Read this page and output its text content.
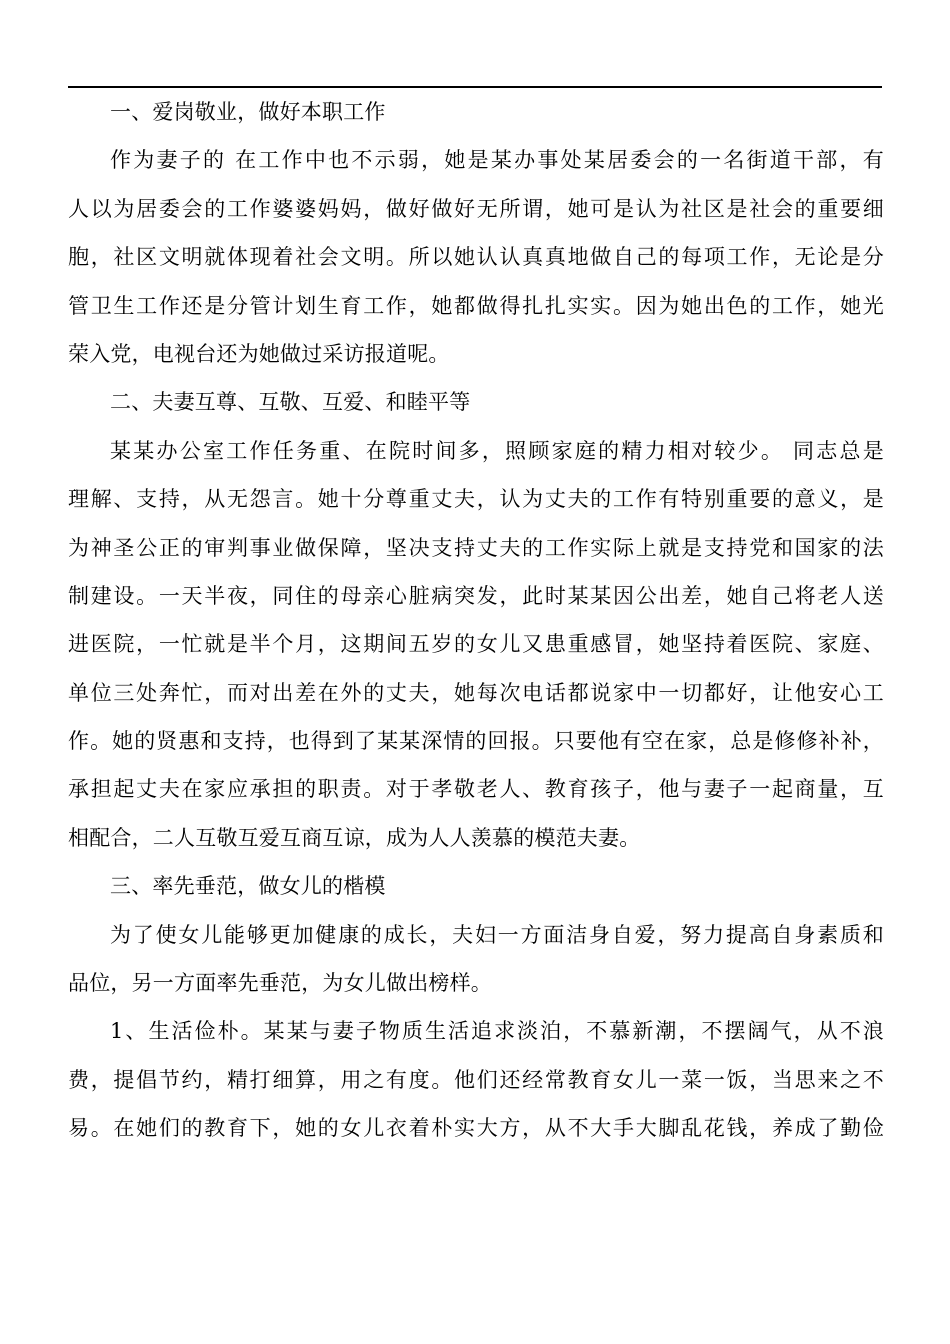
一、爱岗敬业，做好本职工作
作为妻子的 在工作中也不示弱，她是某办事处某居委会的一名街道干部，有
人以为居委会的工作婆婆妈妈，做好做好无所谓，她可是认为社区是社会的重要细
胞，社区文明就体现着社会文明。所以她认认真真地做自己的每项工作，无论是分
管卫生工作还是分管计划生育工作，她都做得扎扎实实。因为她出色的工作，她光
荣入党，电视台还为她做过采访报道呢。
二、夫妻互尊、互敬、互爱、和睦平等
某某办公室工作任务重、在院时间多，照顾家庭的精力相对较少。 同志总是
理解、支持，从无怨言。她十分尊重丈夫，认为丈夫的工作有特别重要的意义，是
为神圣公正的审判事业做保障，坚决支持丈夫的工作实际上就是支持党和国家的法
制建设。一天半夜，同住的母亲心脏病突发，此时某某因公出差，她自己将老人送
进医院，一忙就是半个月，这期间五岁的女儿又患重感冒，她坚持着医院、家庭、
单位三处奔忙，而对出差在外的丈夫，她每次电话都说家中一切都好，让他安心工
作。她的贤惠和支持，也得到了某某深情的回报。只要他有空在家，总是修修补补，
承担起丈夫在家应承担的职责。对于孝敬老人、教育孩子，他与妻子一起商量，互
相配合，二人互敬互爱互商互谅，成为人人羡慕的模范夫妻。
三、率先垂范，做女儿的楷模
为了使女儿能够更加健康的成长，夫妇一方面洁身自爱，努力提高自身素质和
品位，另一方面率先垂范，为女儿做出榜样。
1、生活俭朴。某某与妻子物质生活追求淡泊，不慕新潮，不摆阔气，从不浪
费，提倡节约，精打细算，用之有度。他们还经常教育女儿一菜一饭，当思来之不
易。在她们的教育下，她的女儿衣着朴实大方，从不大手大脚乱花钱，养成了勤俭
